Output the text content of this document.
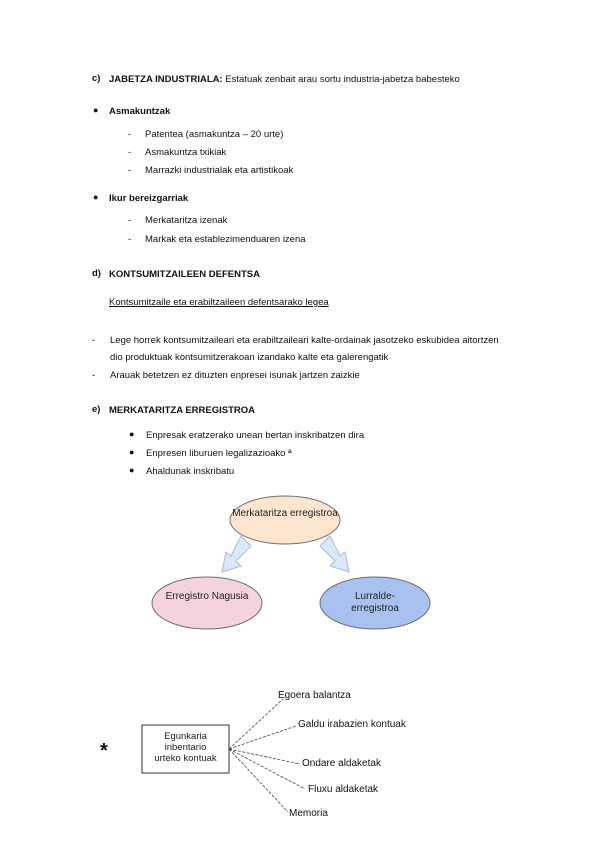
c) JABETZA INDUSTRIALA: Estatuak zenbait arau sortu industria-jabetza babesteko
● Asmakuntzak
- Patentea (asmakuntza – 20 urte)
- Asmakuntza txikiak
- Marrazki industrialak eta artistikoak
● Ikur bereizgarriak
- Merkataritza izenak
- Markak eta establezimenduaren izena
d) KONTSUMITZAILEEN DEFENTSA
Kontsumitzaile eta erabiltzaileen defentsarako legea
- Lege horrek kontsumitzaileari eta erabiltzaileari kalte-ordainak jasotzeko eskubidea aitortzen
dio produktuak kontsumitzerakoan izandako kalte eta galerengatik
- Arauak betetzen ez dituzten enpresei isunak jartzen zaizkie
e) MERKATARITZA ERREGISTROA
● Enpresak eratzerako unean bertan inskribatzen dira
● Enpresen liburuen legalizazioako ª
● Ahaldunak inskribatu
Merkataritza erregistroa
Erregistro Nagusia	Lurralde-erregistroa
*
Egunkaria
inbentario
urteko kontuak
Egoera balantza
Galdu irabazien kontuak
Ondare aldaketak
Fluxu aldaketak
Memoria
